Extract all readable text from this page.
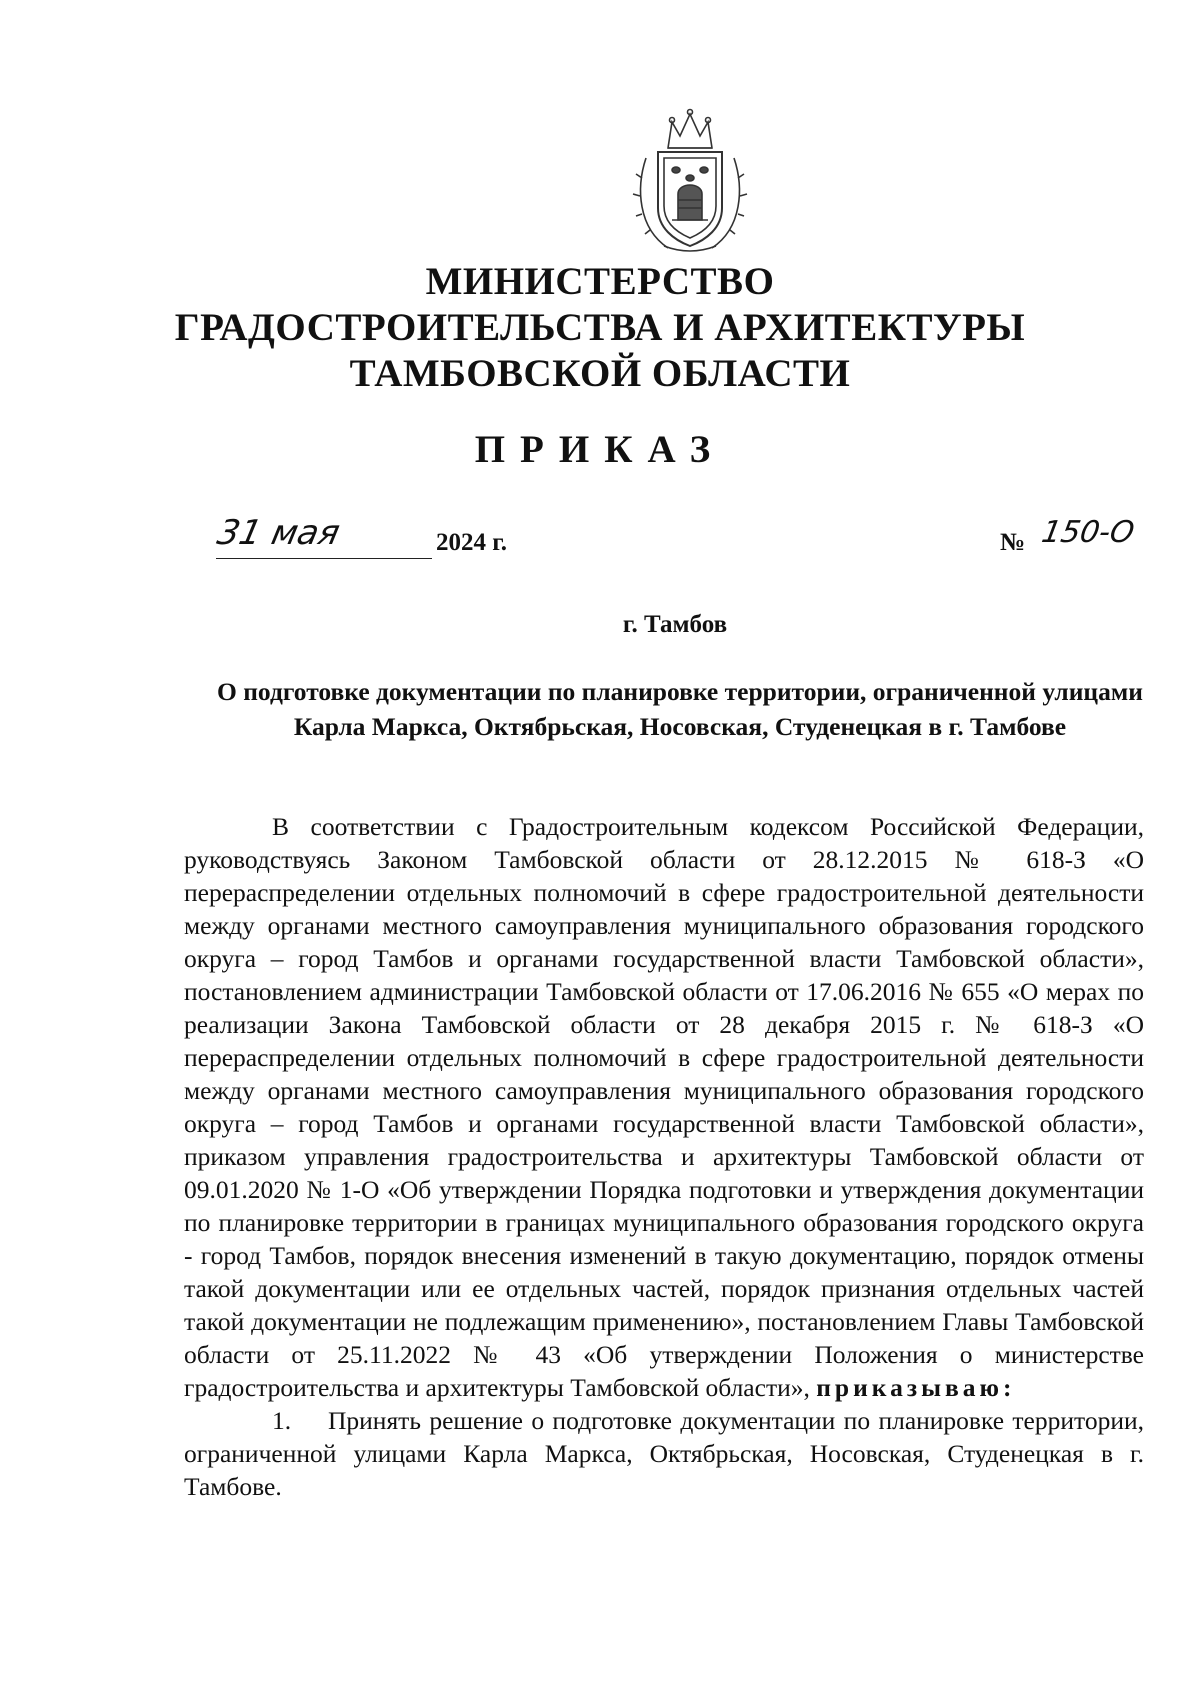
МИНИСТЕРСТВО
ГРАДОСТРОИТЕЛЬСТВА И АРХИТЕКТУРЫ
ТАМБОВСКОЙ ОБЛАСТИ
ПРИКАЗ
31 мая	2024 г.	№ 150-О
г. Тамбов
О подготовке документации по планировке территории, ограниченной улицами Карла Маркса, Октябрьская, Носовская, Студенецкая в г. Тамбове

В соответствии с Градостроительным кодексом Российской Федерации, руководствуясь Законом Тамбовской области от 28.12.2015 № 618-З «О перераспределении отдельных полномочий в сфере градостроительной деятельности между органами местного самоуправления муниципального образования городского округа – город Тамбов и органами государственной власти Тамбовской области», постановлением администрации Тамбовской области от 17.06.2016 № 655 «О мерах по реализации Закона Тамбовской области от 28 декабря 2015 г. № 618-З «О перераспределении отдельных полномочий в сфере градостроительной деятельности между органами местного самоуправления муниципального образования городского округа – город Тамбов и органами государственной власти Тамбовской области», приказом управления градостроительства и архитектуры Тамбовской области от 09.01.2020 № 1-О «Об утверждении Порядка подготовки и утверждения документации по планировке территории в границах муниципального образования городского округа - город Тамбов, порядок внесения изменений в такую документацию, порядок отмены такой документации или ее отдельных частей, порядок признания отдельных частей такой документации не подлежащим применению», постановлением Главы Тамбовской области от 25.11.2022 № 43 «Об утверждении Положения о министерстве градостроительства и архитектуры Тамбовской области», приказываю:

1. Принять решение о подготовке документации по планировке территории, ограниченной улицами Карла Маркса, Октябрьская, Носовская, Студенецкая в г. Тамбове.
